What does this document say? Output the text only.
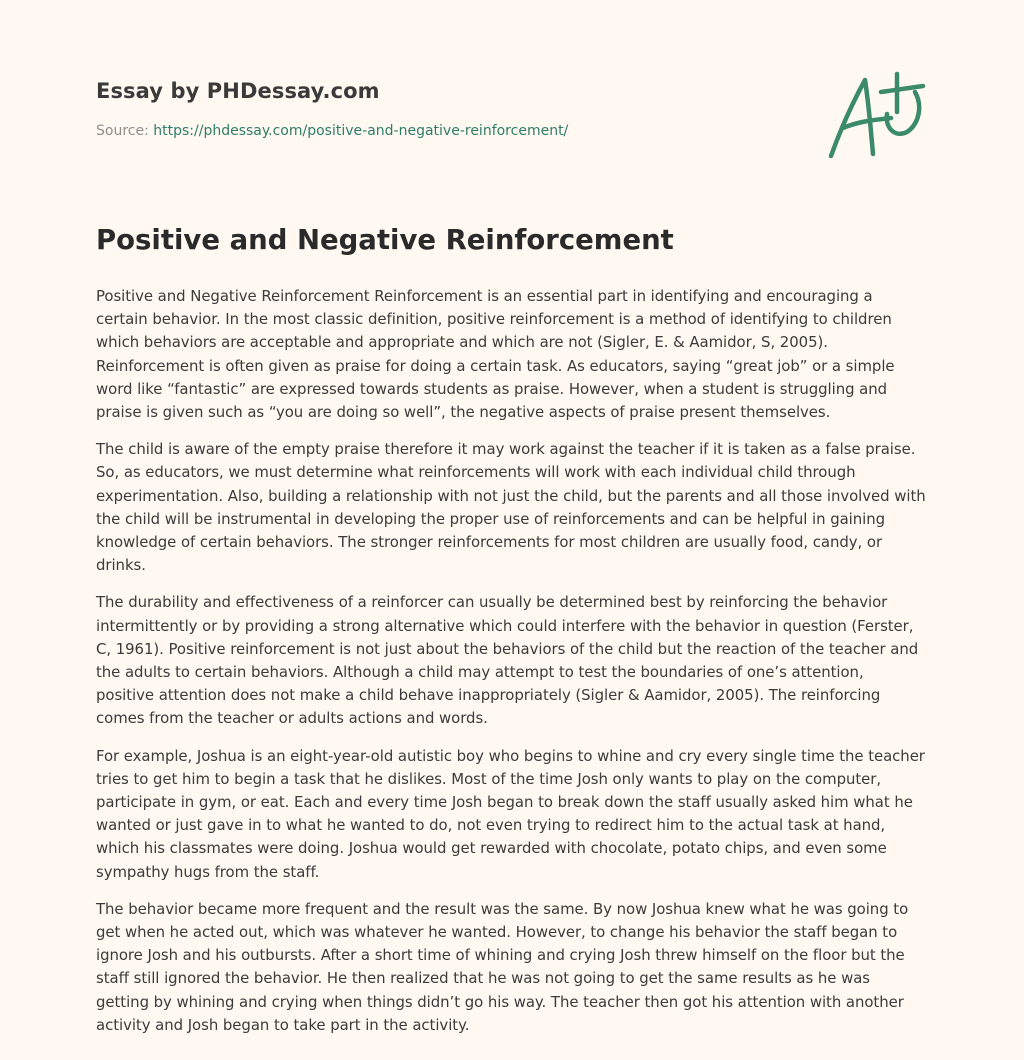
Essay by PHDessay.com
Source: https://phdessay.com/positive-and-negative-reinforcement/
Positive and Negative Reinforcement

Positive and Negative Reinforcement Reinforcement is an essential part in identifying and encouraging a certain behavior. In the most classic definition, positive reinforcement is a method of identifying to children which behaviors are acceptable and appropriate and which are not (Sigler, E. & Aamidor, S, 2005). Reinforcement is often given as praise for doing a certain task. As educators, saying “great job” or a simple word like “fantastic” are expressed towards students as praise. However, when a student is struggling and praise is given such as “you are doing so well”, the negative aspects of praise present themselves.

The child is aware of the empty praise therefore it may work against the teacher if it is taken as a false praise. So, as educators, we must determine what reinforcements will work with each individual child through experimentation. Also, building a relationship with not just the child, but the parents and all those involved with the child will be instrumental in developing the proper use of reinforcements and can be helpful in gaining knowledge of certain behaviors. The stronger reinforcements for most children are usually food, candy, or drinks.

The durability and effectiveness of a reinforcer can usually be determined best by reinforcing the behavior intermittently or by providing a strong alternative which could interfere with the behavior in question (Ferster, C, 1961). Positive reinforcement is not just about the behaviors of the child but the reaction of the teacher and the adults to certain behaviors. Although a child may attempt to test the boundaries of one’s attention, positive attention does not make a child behave inappropriately (Sigler & Aamidor, 2005). The reinforcing comes from the teacher or adults actions and words.

For example, Joshua is an eight-year-old autistic boy who begins to whine and cry every single time the teacher tries to get him to begin a task that he dislikes. Most of the time Josh only wants to play on the computer, participate in gym, or eat. Each and every time Josh began to break down the staff usually asked him what he wanted or just gave in to what he wanted to do, not even trying to redirect him to the actual task at hand, which his classmates were doing. Joshua would get rewarded with chocolate, potato chips, and even some sympathy hugs from the staff.

The behavior became more frequent and the result was the same. By now Joshua knew what he was going to get when he acted out, which was whatever he wanted. However, to change his behavior the staff began to ignore Josh and his outbursts. After a short time of whining and crying Josh threw himself on the floor but the staff still ignored the behavior. He then realized that he was not going to get the same results as he was getting by whining and crying when things didn’t go his way. The teacher then got his attention with another activity and Josh began to take part in the activity.
